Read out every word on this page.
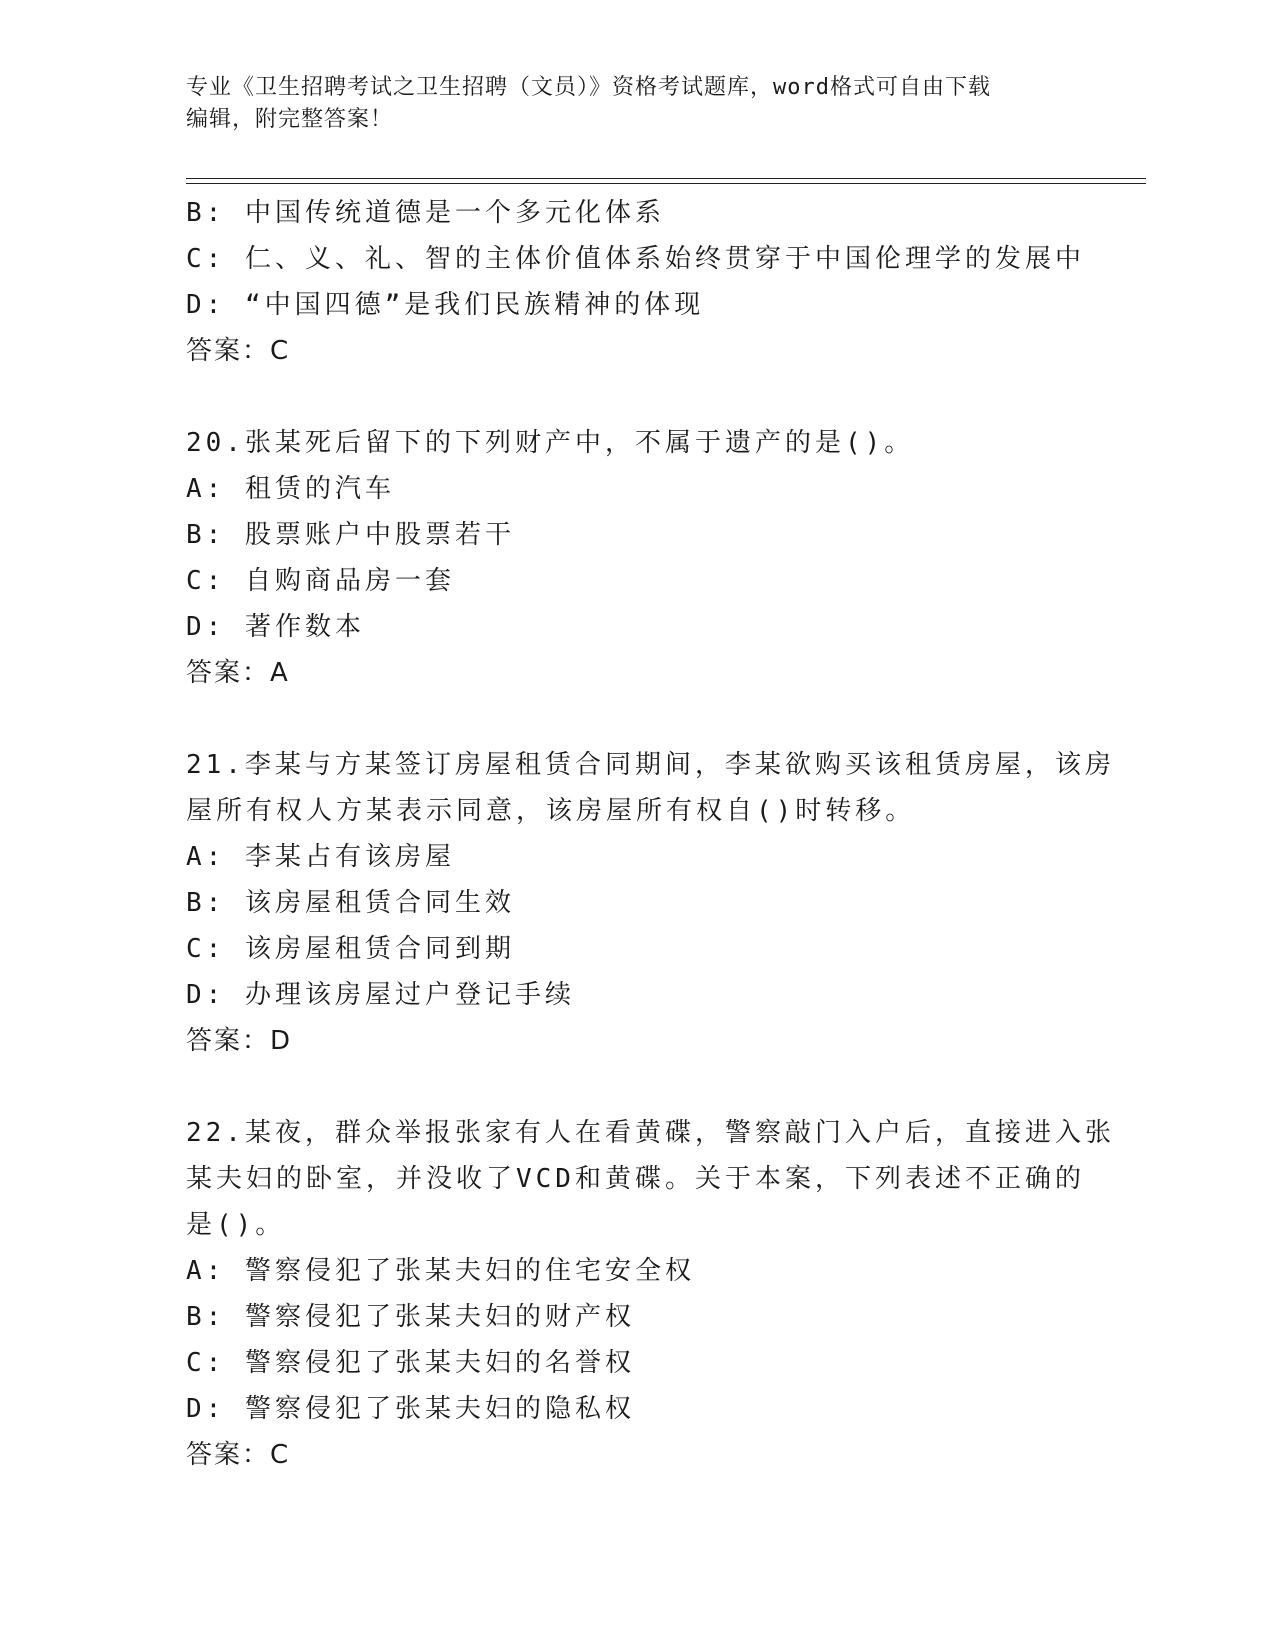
专业《卫生招聘考试之卫生招聘（文员）》资格考试题库，word格式可自由下载
编辑，附完整答案！
B: 中国传统道德是一个多元化体系
C: 仁、义、礼、智的主体价值体系始终贯穿于中国伦理学的发展中
D: “中国四德”是我们民族精神的体现
答案：C
20.张某死后留下的下列财产中，不属于遗产的是()。
A: 租赁的汽车
B: 股票账户中股票若干
C: 自购商品房一套
D: 著作数本
答案：A
21.李某与方某签订房屋租赁合同期间，李某欲购买该租赁房屋，该房
屋所有权人方某表示同意，该房屋所有权自()时转移。
A: 李某占有该房屋
B: 该房屋租赁合同生效
C: 该房屋租赁合同到期
D: 办理该房屋过户登记手续
答案：D
22.某夜，群众举报张家有人在看黄碟，警察敲门入户后，直接进入张
某夫妇的卧室，并没收了VCD和黄碟。关于本案，下列表述不正确的
是()。
A: 警察侵犯了张某夫妇的住宅安全权
B: 警察侵犯了张某夫妇的财产权
C: 警察侵犯了张某夫妇的名誉权
D: 警察侵犯了张某夫妇的隐私权
答案：C
